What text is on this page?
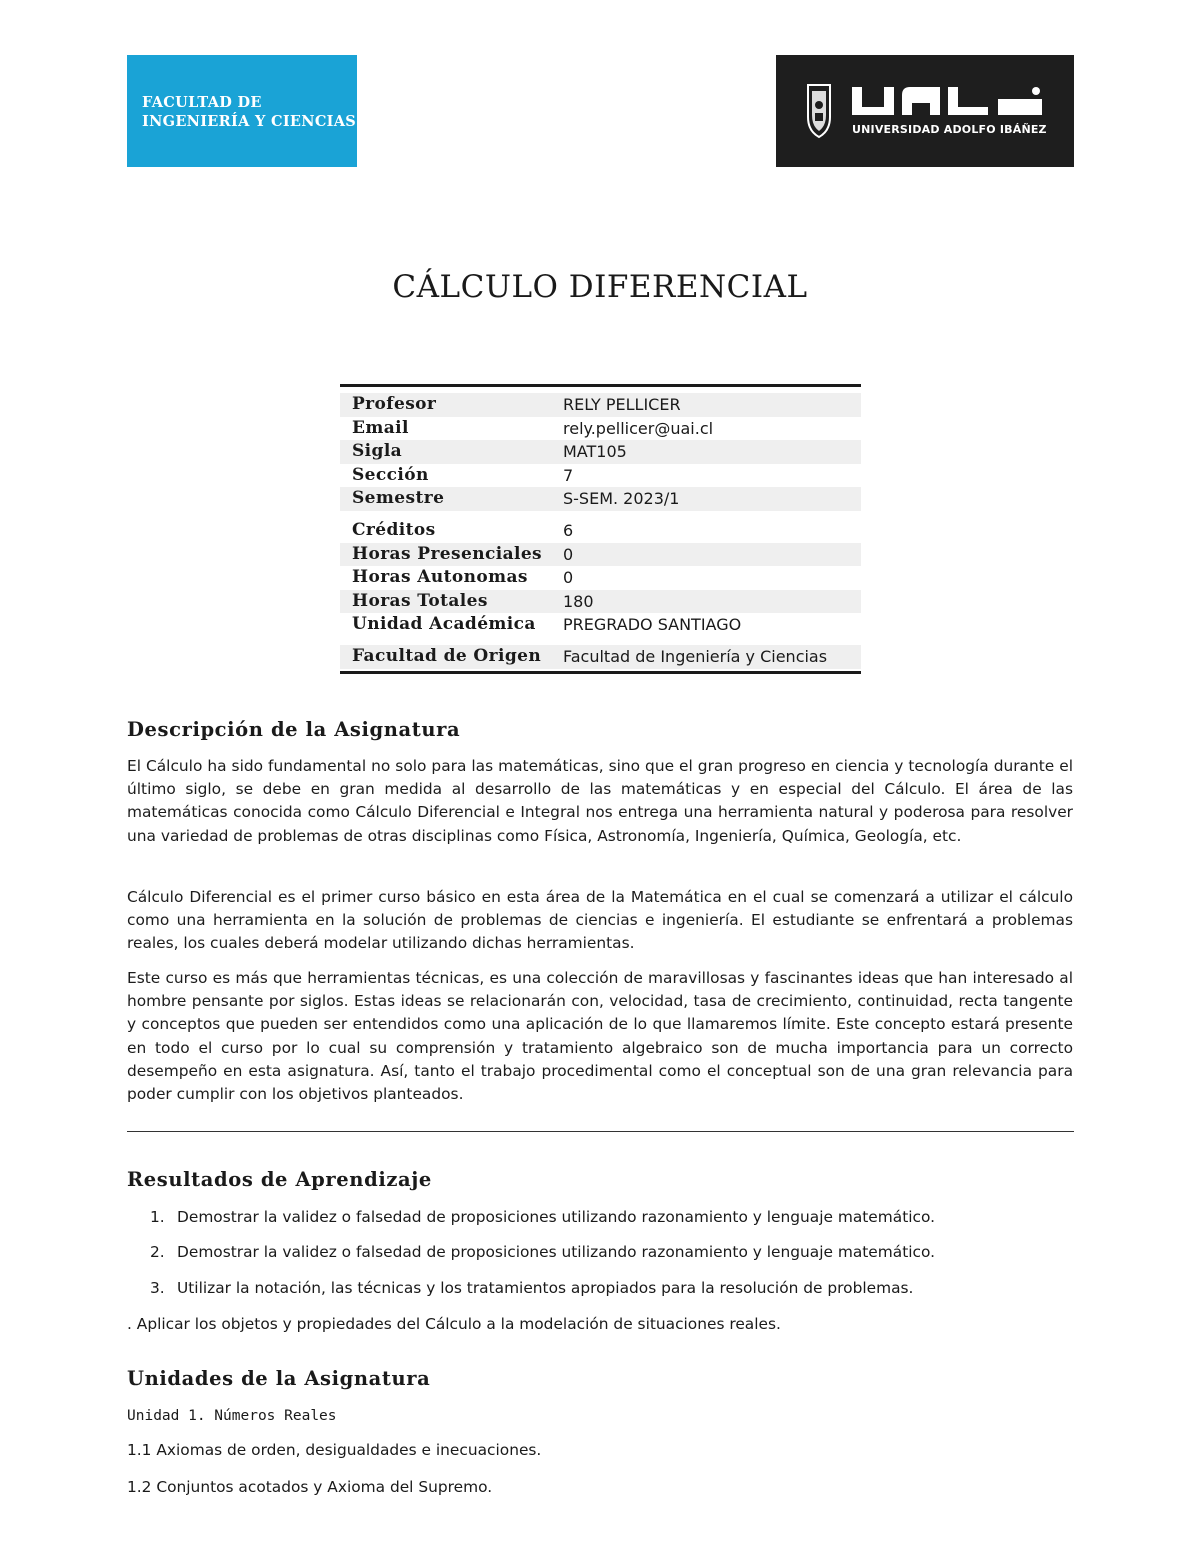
FACULTAD DE
INGENIERÍA Y CIENCIAS	UNIVERSIDAD ADOLFO IBÁÑEZ
CÁLCULO DIFERENCIAL
Profesor	RELY PELLICER
Email	rely.pellicer@uai.cl
Sigla	MAT105
Sección	7
Semestre	S-SEM. 2023/1
Créditos	6
Horas Presenciales	0
Horas Autonomas	0
Horas Totales	180
Unidad Académica	PREGRADO SANTIAGO
Facultad de Origen	Facultad de Ingeniería y Ciencias
Descripción de la Asignatura

El Cálculo ha sido fundamental no solo para las matemáticas, sino que el gran progreso en ciencia y tecnología durante el último siglo, se debe en gran medida al desarrollo de las matemáticas y en especial del Cálculo. El área de las matemáticas conocida como Cálculo Diferencial e Integral nos entrega una herramienta natural y poderosa para resolver una variedad de problemas de otras disciplinas como Física, Astronomía, Ingeniería, Química, Geología, etc.

Cálculo Diferencial es el primer curso básico en esta área de la Matemática en el cual se comenzará a utilizar el cálculo como una herramienta en la solución de problemas de ciencias e ingeniería. El estudiante se enfrentará a problemas reales, los cuales deberá modelar utilizando dichas herramientas.

Este curso es más que herramientas técnicas, es una colección de maravillosas y fascinantes ideas que han interesado al hombre pensante por siglos. Estas ideas se relacionarán con, velocidad, tasa de crecimiento, continuidad, recta tangente y conceptos que pueden ser entendidos como una aplicación de lo que llamaremos límite. Este concepto estará presente en todo el curso por lo cual su comprensión y tratamiento algebraico son de mucha importancia para un correcto desempeño en esta asignatura. Así, tanto el trabajo procedimental como el conceptual son de una gran relevancia para poder cumplir con los objetivos planteados.

Resultados de Aprendizaje

1. Demostrar la validez o falsedad de proposiciones utilizando razonamiento y lenguaje matemático.

2. Demostrar la validez o falsedad de proposiciones utilizando razonamiento y lenguaje matemático.

3. Utilizar la notación, las técnicas y los tratamientos apropiados para la resolución de problemas.

. Aplicar los objetos y propiedades del Cálculo a la modelación de situaciones reales.

Unidades de la Asignatura

Unidad 1. Números Reales

1.1 Axiomas de orden, desigualdades e inecuaciones.

1.2 Conjuntos acotados y Axioma del Supremo.
